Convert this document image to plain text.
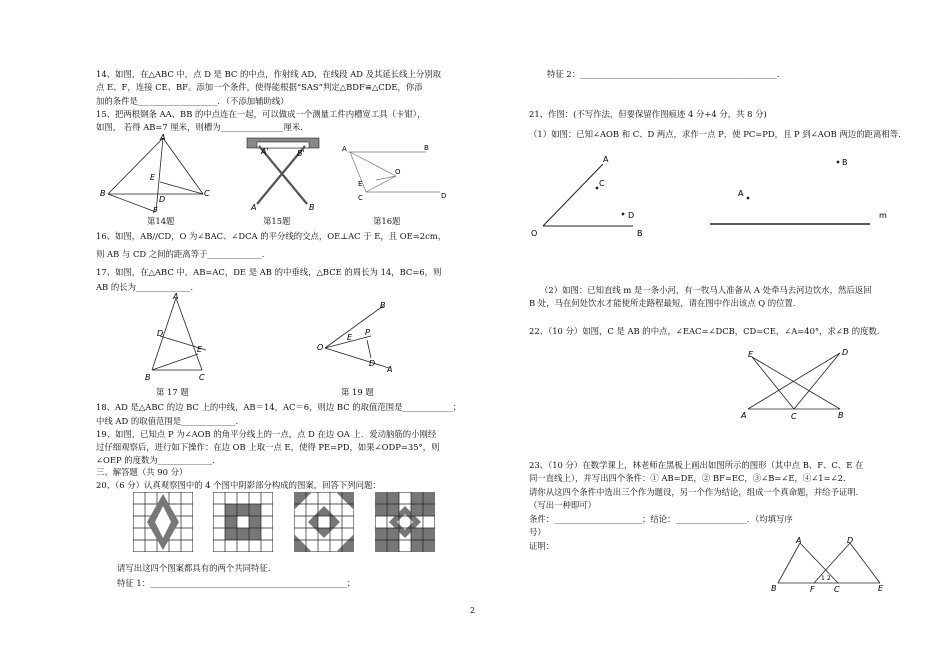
14、如图，在△ABC 中，点 D 是 BC 的中点，作射线 AD，在线段 AD 及其延长线上分别取
点 E、F，连接 CE、BF。添加一个条件，使得能根据“SAS”判定△BDF≌△CDE，你添
加的条件是___________________．（不添加辅助线）
15、把两根钢条 AA、BB 的中点连在一起，可以做成一个测量工件内槽宽工具（卡钳），
如图， 若得 AB=7 厘米，则槽为_______________厘米.
A
B	C
D
E
F
A'	B'
A	B
A	B
C	D
E
O
第14题	第15题	第16题
16、如图，AB//CD，O 为∠BAC、∠DCA 的平分线的交点，OE⊥AC 于 E，且 OE=2cm，
则 AB 与 CD 之间的距离等于_____________.
17、如图，在△ABC 中，AB=AC，DE 是 AB 的中垂线，△BCE 的周长为 14，BC=6，则
AB 的长为_____________.
A
B	C
D
E
B
O
P
D
A
E
第 17 题	第 19 题
18、AD 是△ABC 的边 BC 上的中线，AB＝14，AC＝6，则边 BC 的取值范围是____________；
中线 AD 的取值范围是_____________.
19、如图，已知点 P 为∠AOB 的角平分线上的一点，点 D 在边 OA 上．爱动脑筋的小刚经
过仔细观察后，进行如下操作：在边 OB 上取一点 E，使得 PE=PD，如果∠ODP=35°，则
∠OEP 的度数为_____________.
三、解答题（共 90 分）
20、（6 分）认真观察图中的 4 个图中阴影部分构成的图案，回答下列问题：
请写出这四个图案都具有的两个共同特征.
特征 1：_______________________________________________；
特征 2：_______________________________________________.
21、作图：(不写作法，但要保留作图痕迹 4 分+4 分，共 8 分)
（1）如图：已知∠AOB 和 C、D 两点，求作一点 P，使 PC=PD，且 P 到∠AOB 两边的距离相等.
A
O	B
C
D
B
A
m
（2）如图：已知直线 m 是一条小河，有一牧马人准备从 A 处牵马去河边饮水，然后返回
B 处，马在何处饮水才能使所走路程最短，请在图中作出该点 Q 的位置.
22、（10 分）如图，C 是 AB 的中点，∠EAC=∠DCB，CD=CE，∠A=40°，求∠B 的度数.
A	B
C
D
E
23、（10 分）在数学课上，林老师在黑板上画出如图所示的图形（其中点 B、F、C、E 在
同一直线上），并写出四个条件：① AB=DE，② BF=EC，③∠B=∠E，④∠1=∠2.
请你从这四个条件中选出三个作为题设，另一个作为结论，组成一个真命题，并给予证明.
（写出一种即可）
条件：_____________________；结论：_________________．（均填写序
号）
证明：
A
B	F C
D
E
1 2
2
